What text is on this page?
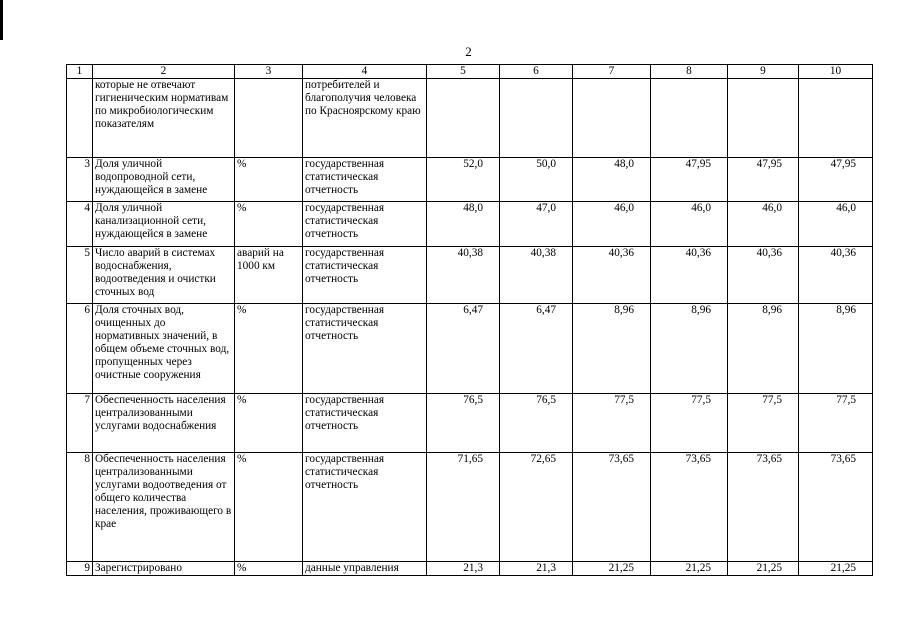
2
1	2	3	4	5	6	7	8	9	10
	которые не отвечают гигиеническим нормативам по микробиологическим показателям		потребителей и благополучия человека по Красноярскому краю						
3	Доля уличной водопроводной сети, нуждающейся в замене	%	государственная статистическая отчетность	52,0	50,0	48,0	47,95	47,95	47,95
4	Доля уличной канализационной сети, нуждающейся в замене	%	государственная статистическая отчетность	48,0	47,0	46,0	46,0	46,0	46,0
5	Число аварий в системах водоснабжения, водоотведения и очистки сточных вод	аварий на 1000 км	государственная статистическая отчетность	40,38	40,38	40,36	40,36	40,36	40,36
6	Доля сточных вод, очищенных до нормативных значений, в общем объеме сточных вод, пропущенных через очистные сооружения	%	государственная статистическая отчетность	6,47	6,47	8,96	8,96	8,96	8,96
7	Обеспеченность населения централизованными услугами водоснабжения	%	государственная статистическая отчетность	76,5	76,5	77,5	77,5	77,5	77,5
8	Обеспеченность населения централизованными услугами водоотведения от общего количества населения, проживающего в крае	%	государственная статистическая отчетность	71,65	72,65	73,65	73,65	73,65	73,65
9	Зарегистрировано	%	данные управления	21,3	21,3	21,25	21,25	21,25	21,25
